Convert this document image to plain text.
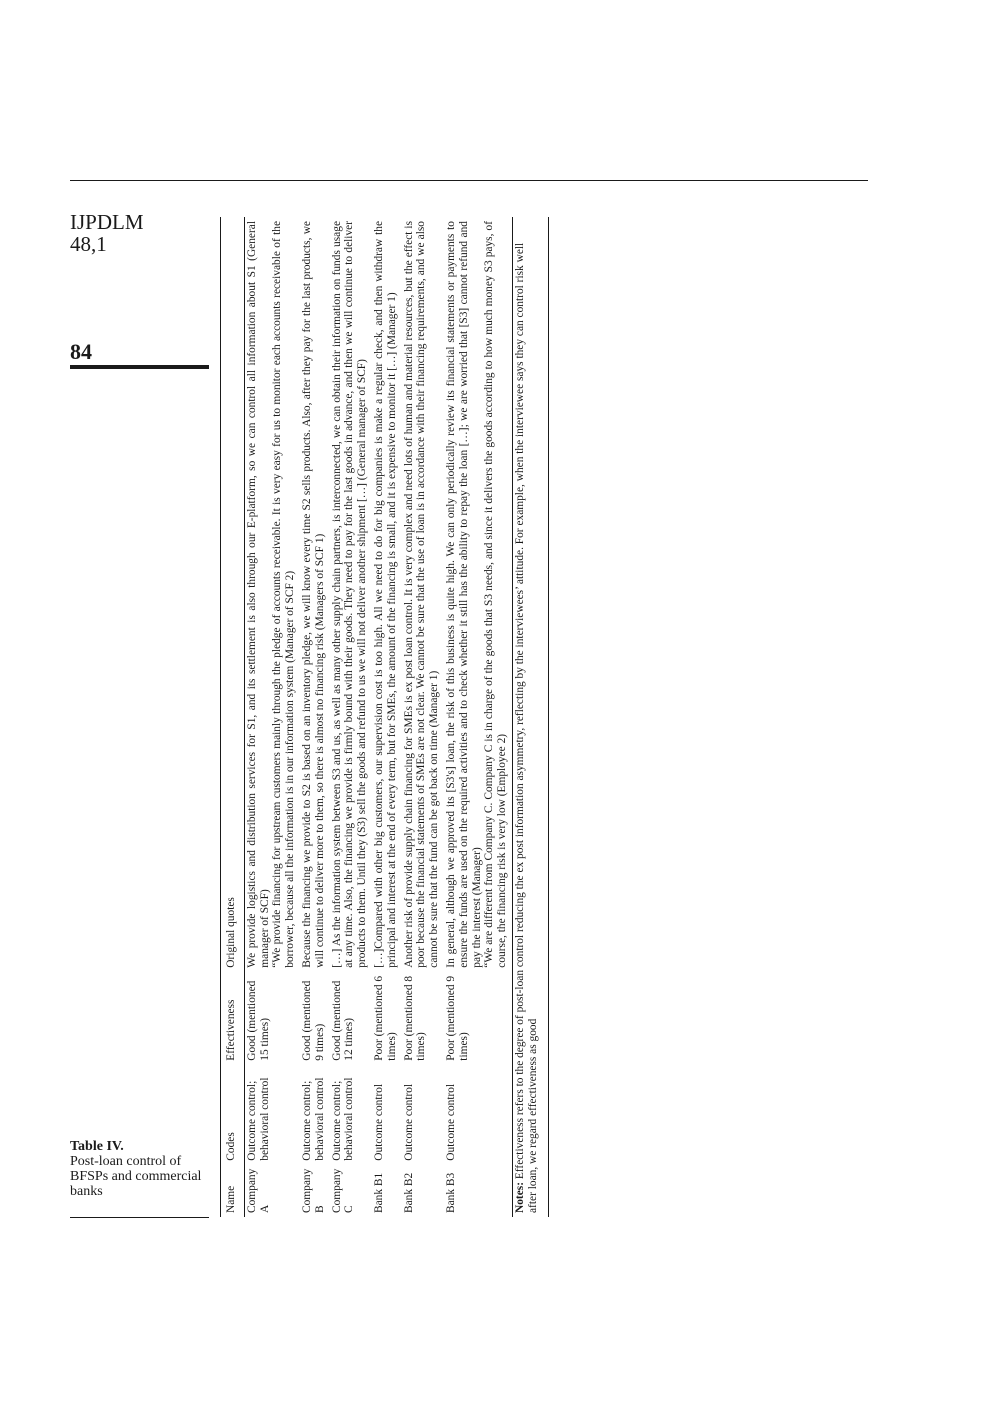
IJPDLM
48,1
84
Table IV.
Post-loan control of BFSPs and commercial banks	Name	Codes	Effectiveness	Original quotes
Company A	Outcome control; behavioral control	Good (mentioned 15 times)	We provide logistics and distribution services for S1, and its settlement is also through our E-platform, so we can control all information about S1 (General manager of SCF) “We provide financing for upstream customers mainly through the pledge of accounts receivable. It is very easy for us to monitor each accounts receivable of the borrower, because all the information is in our information system (Manager of SCF 2)

Company B	Outcome control; behavioral control	Good (mentioned 9 times)	Because the financing we provide to S2 is based on an inventory pledge, we will know every time S2 sells products. Also, after they pay for the last products, we will continue to deliver more to them, so there is almost no financing risk (Managers of SCF 1)

Company C	Outcome control; behavioral control	Good (mentioned 12 times)	[…] As the information system between S3 and us, as well as many other supply chain partners, is interconnected, we can obtain their information on funds usage at any time. Also, the financing we provide is firmly bound with their goods. They need to pay for the last goods in advance, and then we will continue to deliver products to them. Until they (S3) sell the goods and refund to us we will not deliver another shipment […] (General manager of SCF)

Bank B1	Outcome control	Poor (mentioned 6 times)	[…]Compared with other big customers, our supervision cost is too high. All we need to do for big companies is make a regular check, and then withdraw the principal and interest at the end of every term, but for SMEs, the amount of the financing is small, and it is expensive to monitor it […] (Manager 1)

Bank B2	Outcome control	Poor (mentioned 8 times)	Another risk of provide supply chain financing for SMEs is ex post loan control. It is very complex and need lots of human and material resources, but the effect is poor because the financial statements of SMEs are not clear. We cannot be sure that the use of loan is in accordance with their financing requirements, and we also cannot be sure that the fund can be got back on time (Manager 1)

Bank B3	Outcome control	Poor (mentioned 9 times)	In general, although we approved its [S3's] loan, the risk of this business is quite high. We can only periodically review its financial statements or payments to ensure the funds are used on the required activities and to check whether it still has the ability to repay the loan […]; we are worried that [S3] cannot refund and pay the interest (Manager) “We are different from Company C. Company C is in charge of the goods that S3 needs, and since it delivers the goods according to how much money S3 pays, of course, the financing risk is very low (Employee 2)

Notes: Effectiveness refers to the degree of post-loan control reducing the ex post information asymmetry, reflecting by the interviewees’ attitude. For example, when the interviewee says they can control risk well after loan, we regard effectiveness as good			
